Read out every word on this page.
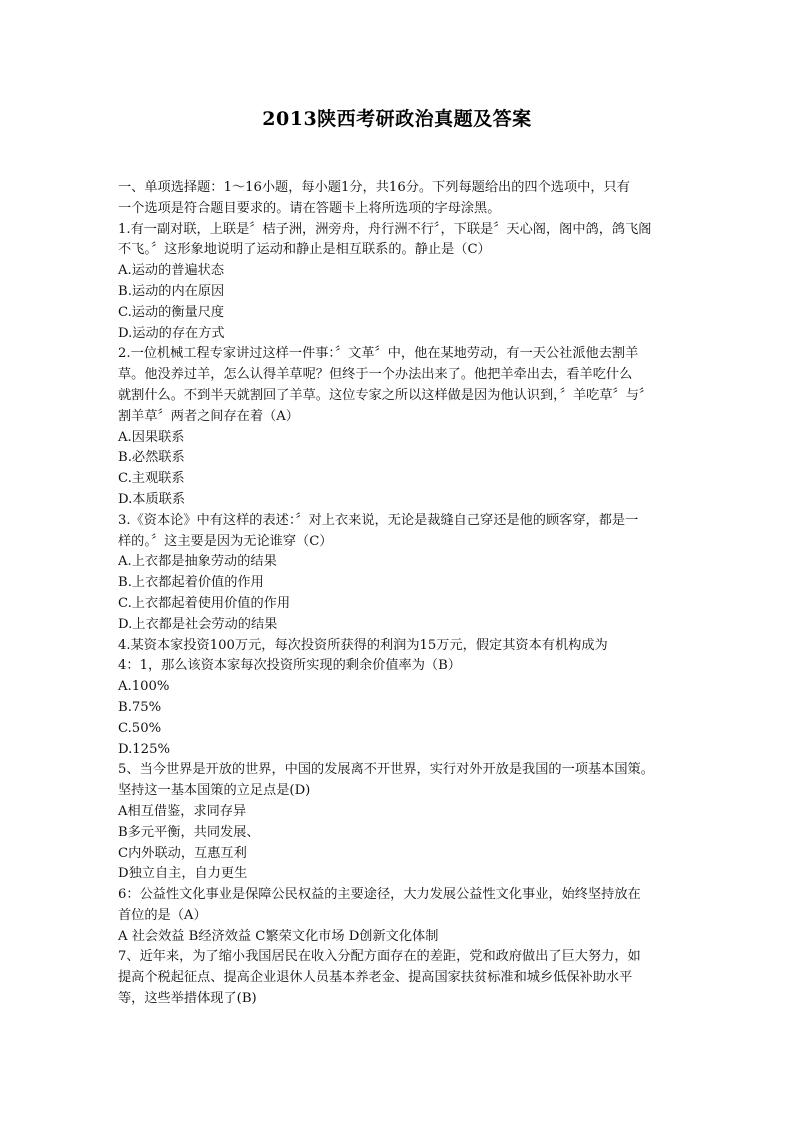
2013陕西考研政治真题及答案
一、单项选择题：1～16小题，每小题1分，共16分。下列每题给出的四个选项中，只有
一个选项是符合题目要求的。请在答题卡上将所选项的字母涂黑。
1.有一副对联，上联是〞桔子洲，洲旁舟，舟行洲不行〞，下联是〞天心阁，阁中鸽，鸽飞阁
不飞。〞这形象地说明了运动和静止是相互联系的。静止是（C）
A.运动的普遍状态
B.运动的内在原因
C.运动的衡量尺度
D.运动的存在方式
2.一位机械工程专家讲过这样一件事：〞文革〞中，他在某地劳动，有一天公社派他去割羊
草。他没养过羊，怎么认得羊草呢？但终于一个办法出来了。他把羊牵出去，看羊吃什么
就割什么。不到半天就割回了羊草。这位专家之所以这样做是因为他认识到，〞羊吃草〞与〞
割羊草〞两者之间存在着（A）
A.因果联系
B.必然联系
C.主观联系
D.本质联系
3.《资本论》中有这样的表述：〞对上衣来说，无论是裁缝自己穿还是他的顾客穿，都是一
样的。〞这主要是因为无论谁穿（C）
A.上衣都是抽象劳动的结果
B.上衣都起着价值的作用
C.上衣都起着使用价值的作用
D.上衣都是社会劳动的结果
4.某资本家投资100万元，每次投资所获得的利润为15万元，假定其资本有机构成为
4：1，那么该资本家每次投资所实现的剩余价值率为（B）
A.100%
B.75%
C.50%
D.125%
5、当今世界是开放的世界，中国的发展离不开世界，实行对外开放是我国的一项基本国策。
坚持这一基本国策的立足点是(D)
A相互借鉴，求同存异
B多元平衡，共同发展、
C内外联动，互惠互利
D独立自主，自力更生
6：公益性文化事业是保障公民权益的主要途径，大力发展公益性文化事业，始终坚持放在
首位的是（A）
A 社会效益 B经济效益 C繁荣文化市场 D创新文化体制
7、近年来，为了缩小我国居民在收入分配方面存在的差距，党和政府做出了巨大努力，如
提高个税起征点、提高企业退休人员基本养老金、提高国家扶贫标准和城乡低保补助水平
等，这些举措体现了(B)
